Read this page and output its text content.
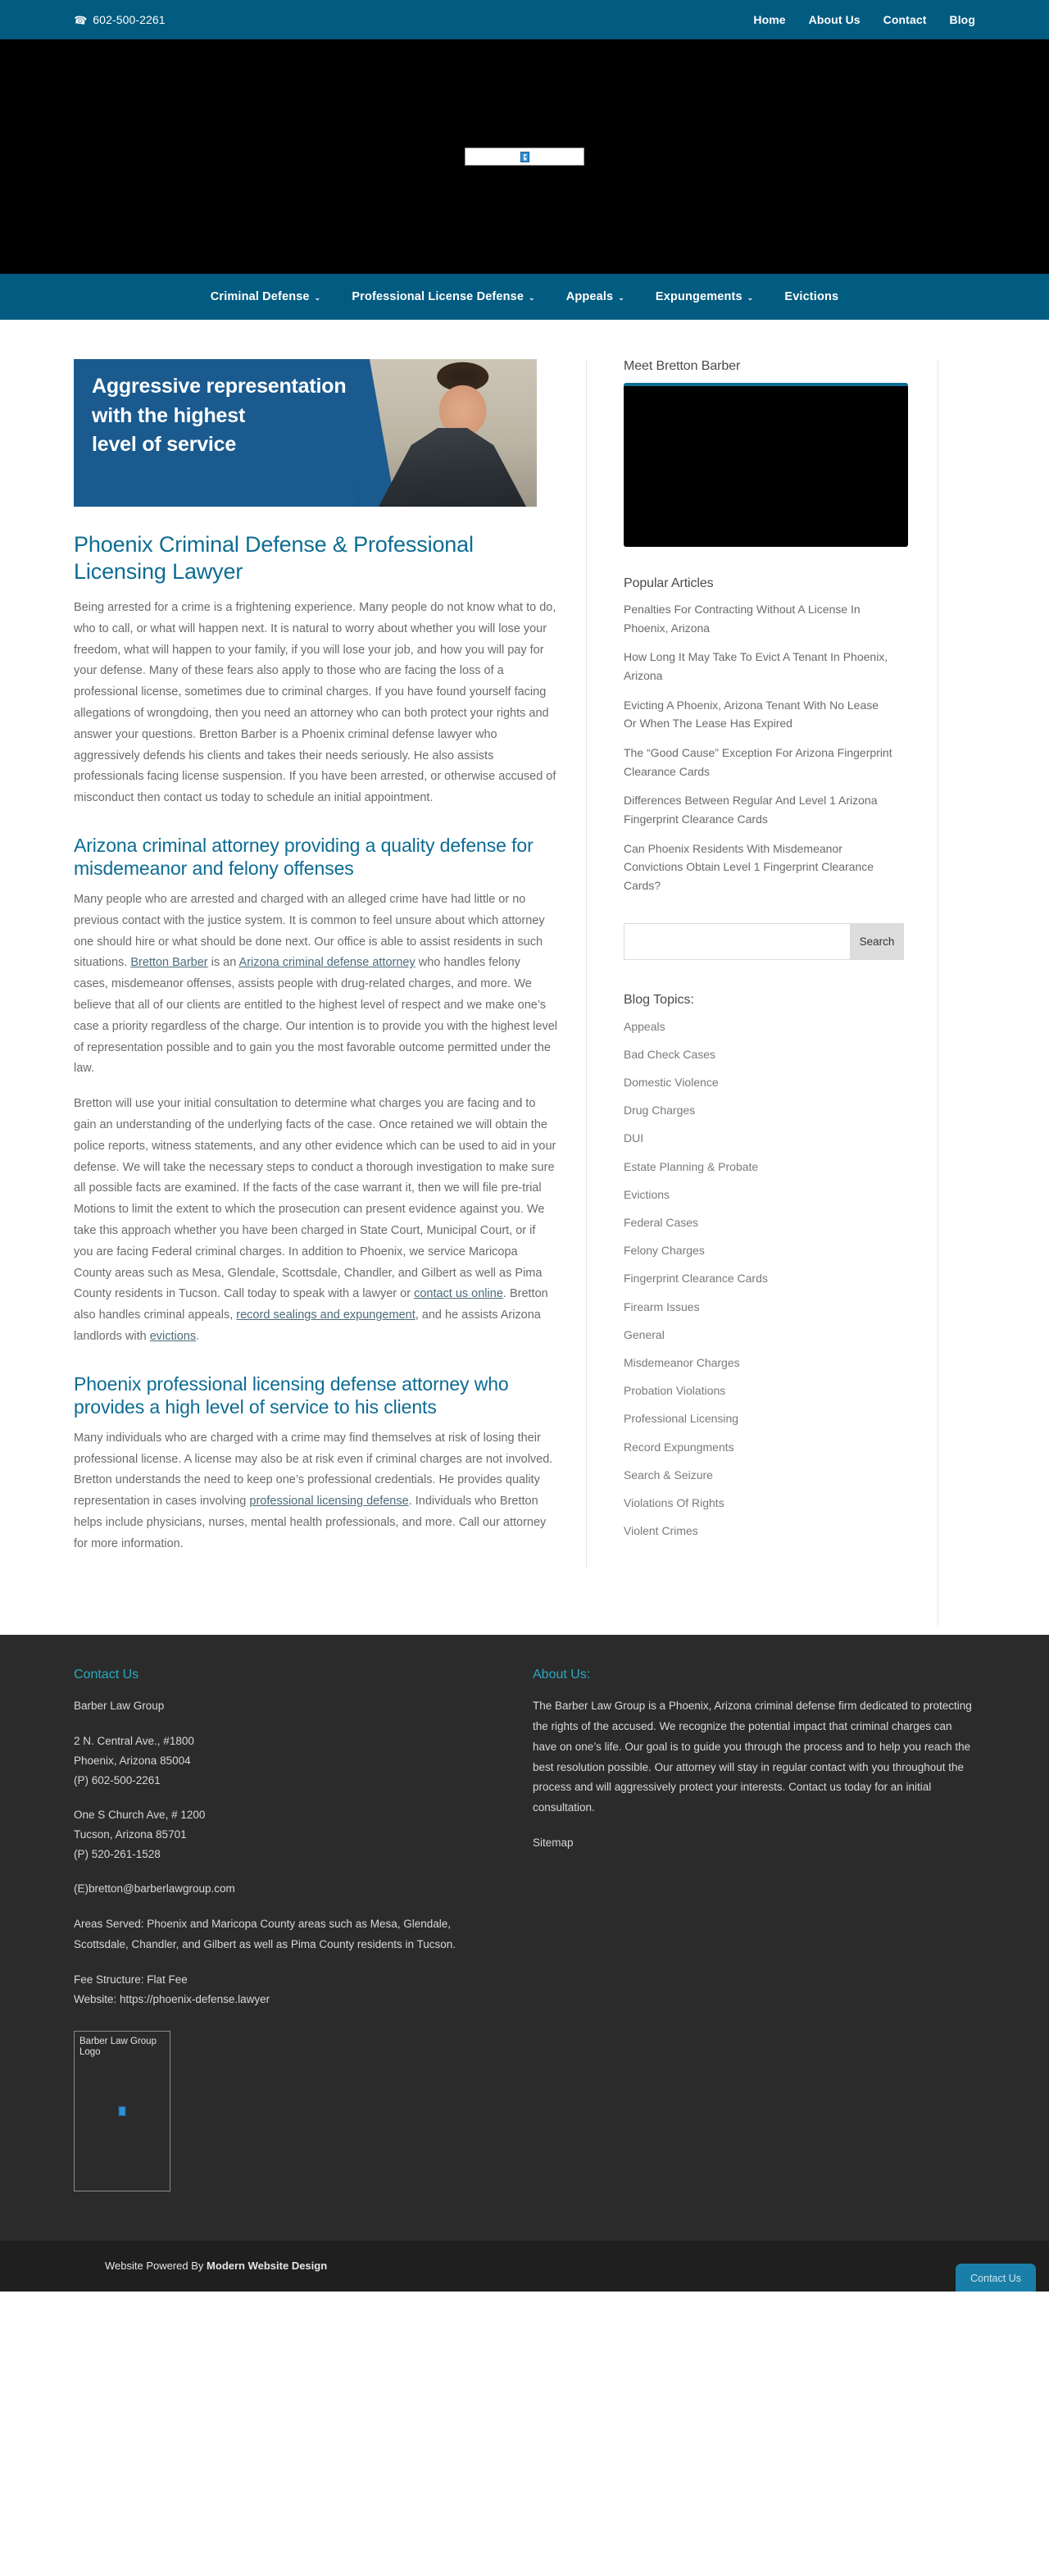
☎ 602-500-2261	Home About Us Contact Blog
Criminal Defense ⌄	Professional License Defense ⌄	Appeals ⌄	Expungements ⌄	Evictions
Aggressive representation
with the highest
level of service
Phoenix Criminal Defense & Professional Licensing Lawyer

Being arrested for a crime is a frightening experience. Many people do not know what to do, who to call, or what will happen next. It is natural to worry about whether you will lose your freedom, what will happen to your family, if you will lose your job, and how you will pay for your defense. Many of these fears also apply to those who are facing the loss of a professional license, sometimes due to criminal charges. If you have found yourself facing allegations of wrongdoing, then you need an attorney who can both protect your rights and answer your questions. Bretton Barber is a Phoenix criminal defense lawyer who aggressively defends his clients and takes their needs seriously. He also assists professionals facing license suspension. If you have been arrested, or otherwise accused of misconduct then contact us today to schedule an initial appointment.

Arizona criminal attorney providing a quality defense for misdemeanor and felony offenses

Many people who are arrested and charged with an alleged crime have had little or no previous contact with the justice system. It is common to feel unsure about which attorney one should hire or what should be done next. Our office is able to assist residents in such situations. Bretton Barber is an Arizona criminal defense attorney who handles felony cases, misdemeanor offenses, assists people with drug-related charges, and more. We believe that all of our clients are entitled to the highest level of respect and we make one’s case a priority regardless of the charge. Our intention is to provide you with the highest level of representation possible and to gain you the most favorable outcome permitted under the law.

Bretton will use your initial consultation to determine what charges you are facing and to gain an understanding of the underlying facts of the case. Once retained we will obtain the police reports, witness statements, and any other evidence which can be used to aid in your defense. We will take the necessary steps to conduct a thorough investigation to make sure all possible facts are examined. If the facts of the case warrant it, then we will file pre-trial Motions to limit the extent to which the prosecution can present evidence against you. We take this approach whether you have been charged in State Court, Municipal Court, or if you are facing Federal criminal charges. In addition to Phoenix, we service Maricopa County areas such as Mesa, Glendale, Scottsdale, Chandler, and Gilbert as well as Pima County residents in Tucson. Call today to speak with a lawyer or contact us online. Bretton also handles criminal appeals, record sealings and expungement, and he assists Arizona landlords with evictions.

Phoenix professional licensing defense attorney who provides a high level of service to his clients

Many individuals who are charged with a crime may find themselves at risk of losing their professional license. A license may also be at risk even if criminal charges are not involved. Bretton understands the need to keep one’s professional credentials. He provides quality representation in cases involving professional licensing defense. Individuals who Bretton helps include physicians, nurses, mental health professionals, and more. Call our attorney for more information.

Meet Bretton Barber
Popular Articles
Penalties For Contracting Without A License In Phoenix, Arizona
How Long It May Take To Evict A Tenant In Phoenix, Arizona
Evicting A Phoenix, Arizona Tenant With No Lease Or When The Lease Has Expired
The “Good Cause” Exception For Arizona Fingerprint Clearance Cards
Differences Between Regular And Level 1 Arizona Fingerprint Clearance Cards
Can Phoenix Residents With Misdemeanor Convictions Obtain Level 1 Fingerprint Clearance Cards?
Search
Blog Topics:
Appeals
Bad Check Cases
Domestic Violence
Drug Charges
DUI
Estate Planning & Probate
Evictions
Federal Cases
Felony Charges
Fingerprint Clearance Cards
Firearm Issues
General
Misdemeanor Charges
Probation Violations
Professional Licensing
Record Expungments
Search & Seizure
Violations Of Rights
Violent Crimes
Contact Us
Barber Law Group
2 N. Central Ave., #1800
Phoenix, Arizona 85004
(P) 602-500-2261
One S Church Ave, # 1200
Tucson, Arizona 85701
(P) 520-261-1528
(E)bretton@barberlawgroup.com
Areas Served: Phoenix and Maricopa County areas such as Mesa, Glendale, Scottsdale, Chandler, and Gilbert as well as Pima County residents in Tucson.
Fee Structure: Flat Fee
Website: https://phoenix-defense.lawyer
Barber Law Group Logo
About Us:
The Barber Law Group is a Phoenix, Arizona criminal defense firm dedicated to protecting the rights of the accused. We recognize the potential impact that criminal charges can have on one’s life. Our goal is to guide you through the process and to help you reach the best resolution possible. Our attorney will stay in regular contact with you throughout the process and will aggressively protect your interests. Contact us today for an initial consultation.
Sitemap
Website Powered By Modern Website Design
Contact Us
